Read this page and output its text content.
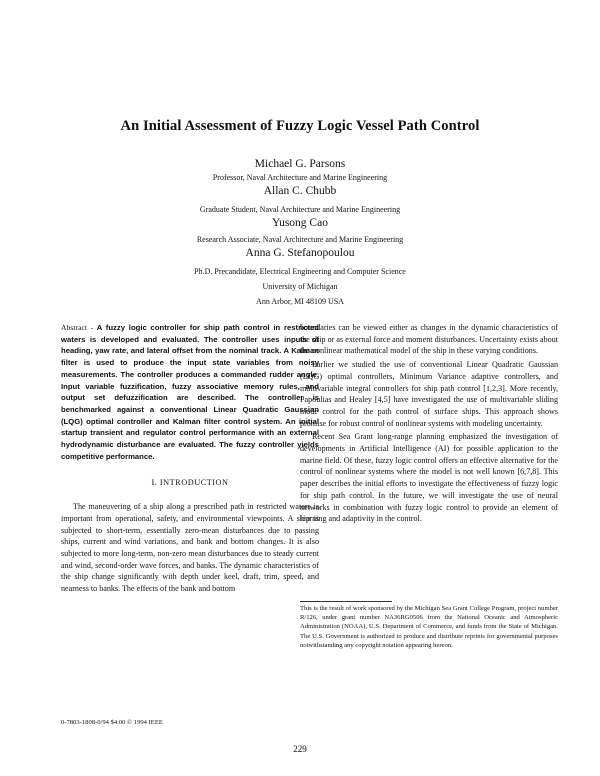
An Initial Assessment of Fuzzy Logic Vessel Path Control
Michael G. Parsons
Professor, Naval Architecture and Marine Engineering
Allan C. Chubb
Graduate Student, Naval Architecture and Marine Engineering
Yusong Cao
Research Associate, Naval Architecture and Marine Engineering
Anna G. Stefanopoulou
Ph.D. Precandidate, Electrical Engineering and Computer Science
University of Michigan
Ann Arbor, MI 48109 USA

Abstract - A fuzzy logic controller for ship path control in restricted waters is developed and evaluated. The controller uses inputs of heading, yaw rate, and lateral offset from the nominal track. A Kalman filter is used to produce the input state variables from noisy measurements. The controller produces a commanded rudder angle. Input variable fuzzification, fuzzy associative memory rules, and output set defuzzification are described. The controller is benchmarked against a conventional Linear Quadratic Gaussian (LQG) optimal controller and Kalman filter control system. An initial startup transient and regulator control performance with an external hydrodynamic disturbance are evaluated. The fuzzy controller yields competitive performance.

I. INTRODUCTION

The maneuvering of a ship along a prescribed path in restricted waters is important from operational, safety, and environmental viewpoints. A ship is subjected to short-term, essentially zero-mean disturbances due to passing ships, current and wind variations, and bank and bottom changes. It is also subjected to more long-term, non-zero mean disturbances due to steady current and wind, second-order wave forces, and banks. The dynamic characteristics of the ship change significantly with depth under keel, draft, trim, speed, and nearness to banks. The effects of the bank and bottom

boundaries can be viewed either as changes in the dynamic characteristics of the ship or as external force and moment disturbances. Uncertainty exists about the nonlinear mathematical model of the ship in these varying conditions.

Earlier we studied the use of conventional Linear Quadratic Gaussian (LQG) optimal controllers, Minimum Variance adaptive controllers, and multivariable integral controllers for ship path control [1,2,3]. More recently, Papoulias and Healey [4,5] have investigated the use of multivariable sliding mode control for the path control of surface ships. This approach shows promise for robust control of nonlinear systems with modeling uncertainty.

Recent Sea Grant long-range planning emphasized the investigation of developments in Artificial Intelligence (AI) for possible application to the marine field. Of these, fuzzy logic control offers an effective alternative for the control of nonlinear systems where the model is not well known [6,7,8]. This paper describes the initial efforts to investigate the effectiveness of fuzzy logic for ship path control. In the future, we will investigate the use of neural networks in combination with fuzzy logic control to provide an element of learning and adaptivity in the control.

This is the result of work sponsored by the Michigan Sea Grant College Program, project number R/126, under grant number NA36RG0506 from the National Oceanic and Atmospheric Administration (NOAA), U.S. Department of Commerce, and funds from the State of Michigan. The U.S. Government is authorized to produce and distribute reprints for governmental purposes notwithstanding any copyright notation appearing hereon.
0-7803-1808-0/94 $4.00 © 1994 IEEE
229
